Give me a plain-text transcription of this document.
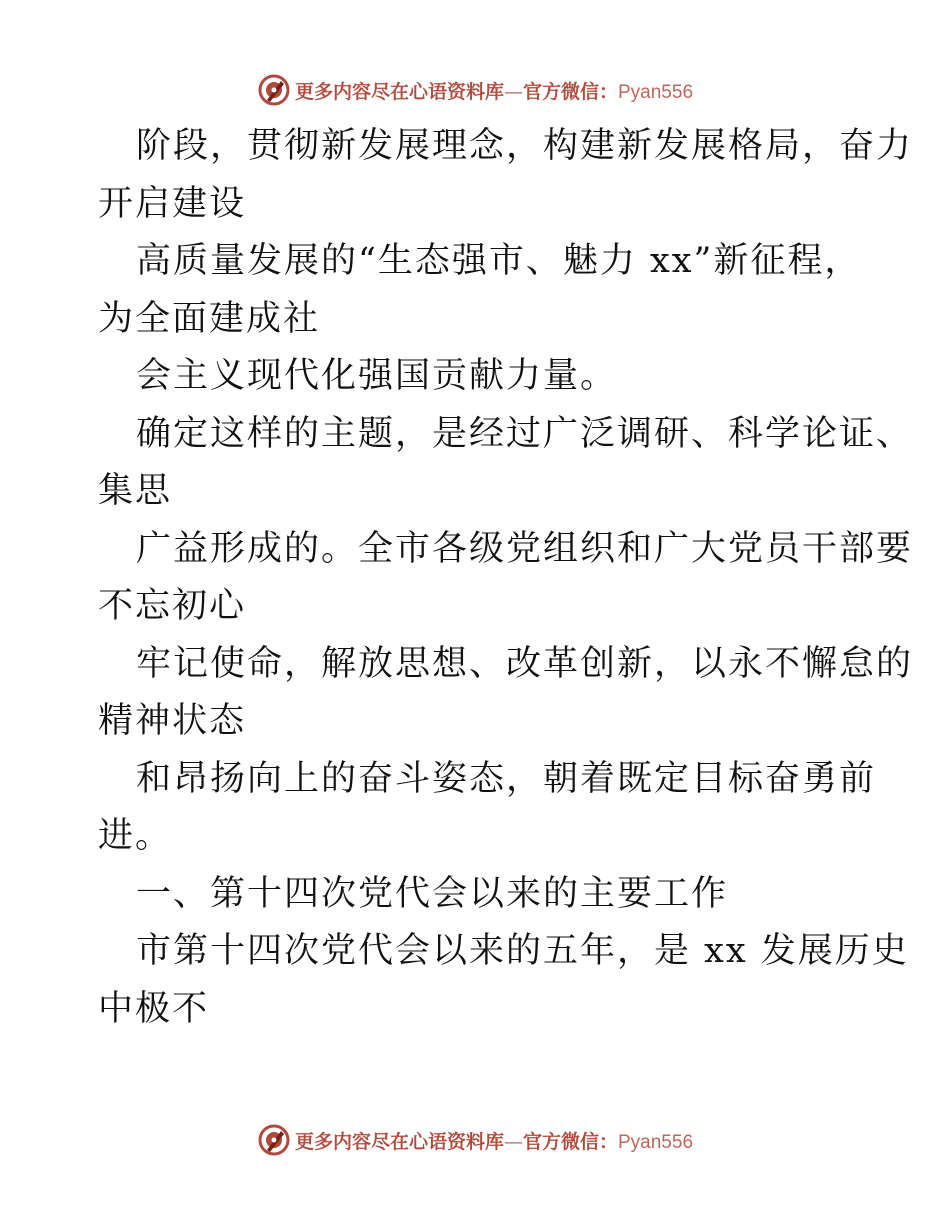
更多内容尽在心语资料库—官方微信：Pyan556
阶段，贯彻新发展理念，构建新发展格局，奋力
开启建设
高质量发展的“生态强市、魅力 xx”新征程，
为全面建成社
会主义现代化强国贡献力量。
确定这样的主题，是经过广泛调研、科学论证、
集思
广益形成的。全市各级党组织和广大党员干部要
不忘初心
牢记使命，解放思想、改革创新，以永不懈怠的
精神状态
和昂扬向上的奋斗姿态，朝着既定目标奋勇前
进。
一、第十四次党代会以来的主要工作
市第十四次党代会以来的五年，是 xx 发展历史
中极不
更多内容尽在心语资料库—官方微信：Pyan556
